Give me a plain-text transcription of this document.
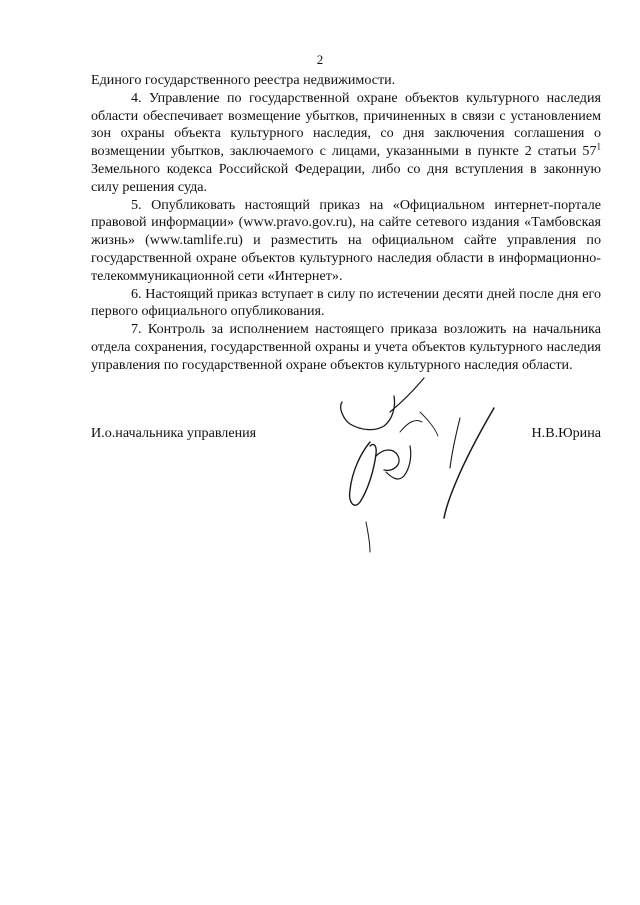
2

Единого государственного реестра недвижимости.

4. Управление по государственной охране объектов культурного наследия области обеспечивает возмещение убытков, причиненных в связи с установлением зон охраны объекта культурного наследия, со дня заключения соглашения о возмещении убытков, заключаемого с лицами, указанными в пункте 2 статьи $57^1$ Земельного кодекса Российской Федерации, либо со дня вступления в законную силу решения суда.

5. Опубликовать настоящий приказ на «Официальном интернет-портале правовой информации» (www.pravo.gov.ru), на сайте сетевого издания «Тамбовская жизнь» (www.tamlife.ru) и разместить на официальном сайте управления по государственной охране объектов культурного наследия области в информационно-телекоммуникационной сети «Интернет».

6. Настоящий приказ вступает в силу по истечении десяти дней после дня его первого официального опубликования.

7. Контроль за исполнением настоящего приказа возложить на начальника отдела сохранения, государственной охраны и учета объектов культурного наследия управления по государственной охране объектов культурного наследия области.

И.о.начальника управления	Н.В.Юрина
